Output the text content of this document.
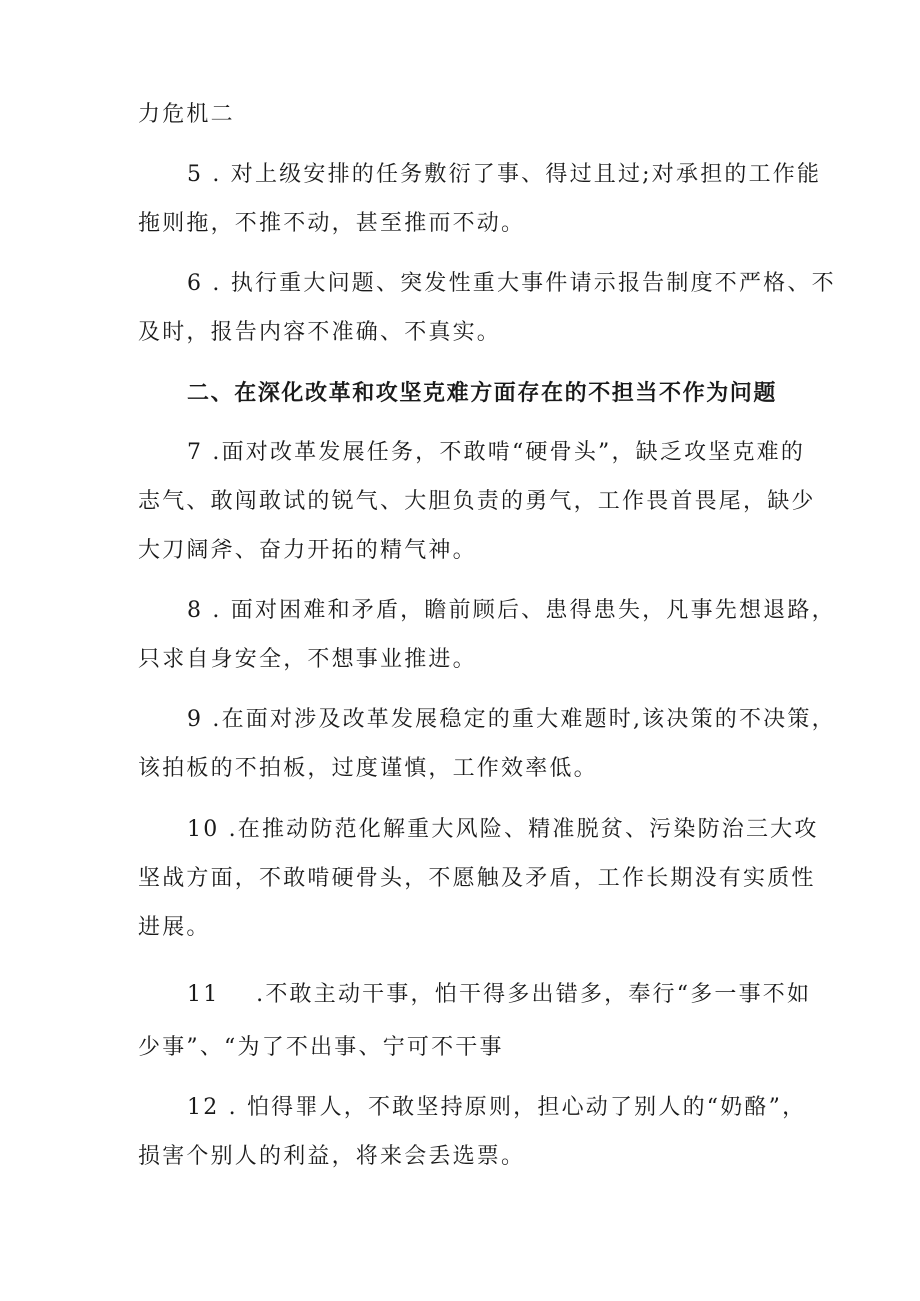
力危机二
5 . 对上级安排的任务敷衍了事、得过且过;对承担的工作能
拖则拖，不推不动，甚至推而不动。
6 . 执行重大问题、突发性重大事件请示报告制度不严格、不
及时，报告内容不准确、不真实。
二、在深化改革和攻坚克难方面存在的不担当不作为问题
7 .面对改革发展任务，不敢啃“硬骨头”，缺乏攻坚克难的
志气、敢闯敢试的锐气、大胆负责的勇气，工作畏首畏尾，缺少
大刀阔斧、奋力开拓的精气神。
8 . 面对困难和矛盾，瞻前顾后、患得患失，凡事先想退路，
只求自身安全，不想事业推进。
9 .在面对涉及改革发展稳定的重大难题时,该决策的不决策，
该拍板的不拍板，过度谨慎，工作效率低。
10 .在推动防范化解重大风险、精准脱贫、污染防治三大攻
坚战方面，不敢啃硬骨头，不愿触及矛盾，工作长期没有实质性
进展。
11    .不敢主动干事，怕干得多出错多，奉行“多一事不如
少事”、“为了不出事、宁可不干事
12 . 怕得罪人，不敢坚持原则，担心动了别人的“奶酪”，
损害个别人的利益，将来会丢选票。
